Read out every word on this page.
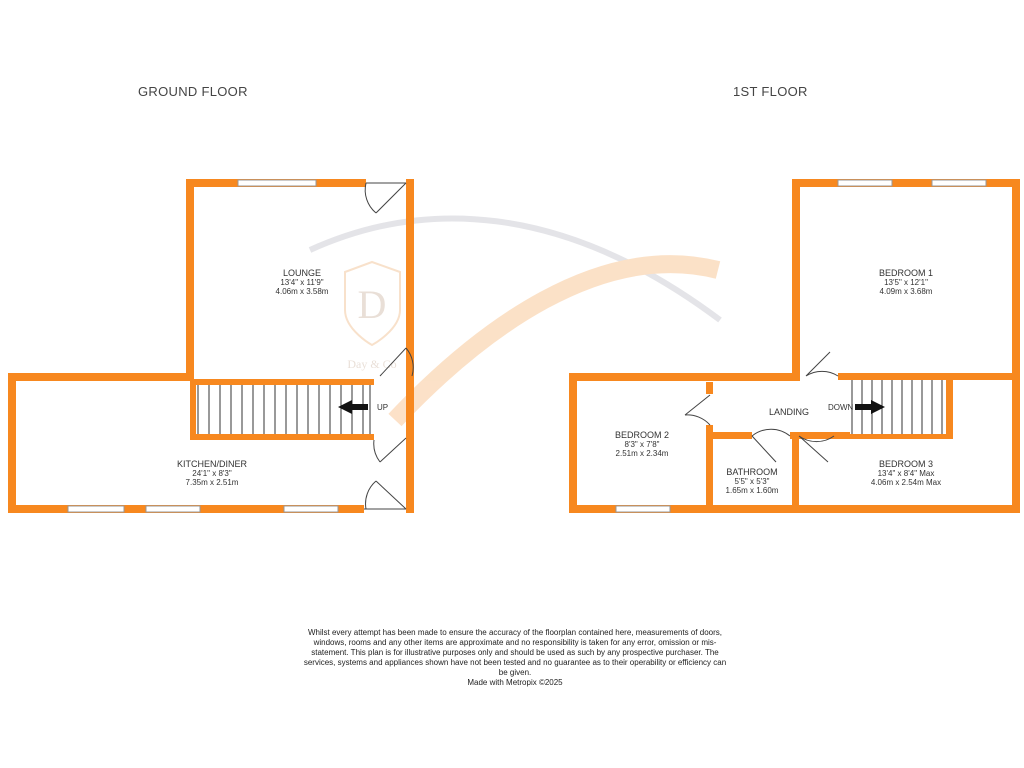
GROUND FLOOR	1ST FLOOR
D
Day & Co
UP
LOUNGE
13'4" x 11'9"
4.06m x 3.58m
KITCHEN/DINER
24'1" x 8'3"
7.35m x 2.51m
DOWN
BEDROOM 1
13'5" x 12'1"
4.09m x 3.68m
LANDING
BEDROOM 2
8'3" x 7'8"
2.51m x 2.34m
BATHROOM
5'5" x 5'3"
1.65m x 1.60m
BEDROOM 3
13'4" x 8'4" Max
4.06m x 2.54m Max
Whilst every attempt has been made to ensure the accuracy of the floorplan contained here, measurements of doors, windows, rooms and any other items are approximate and no responsibility is taken for any error, omission or mis-statement. This plan is for illustrative purposes only and should be used as such by any prospective purchaser. The services, systems and appliances shown have not been tested and no guarantee as to their operability or efficiency can be given.
Made with Metropix ©2025
